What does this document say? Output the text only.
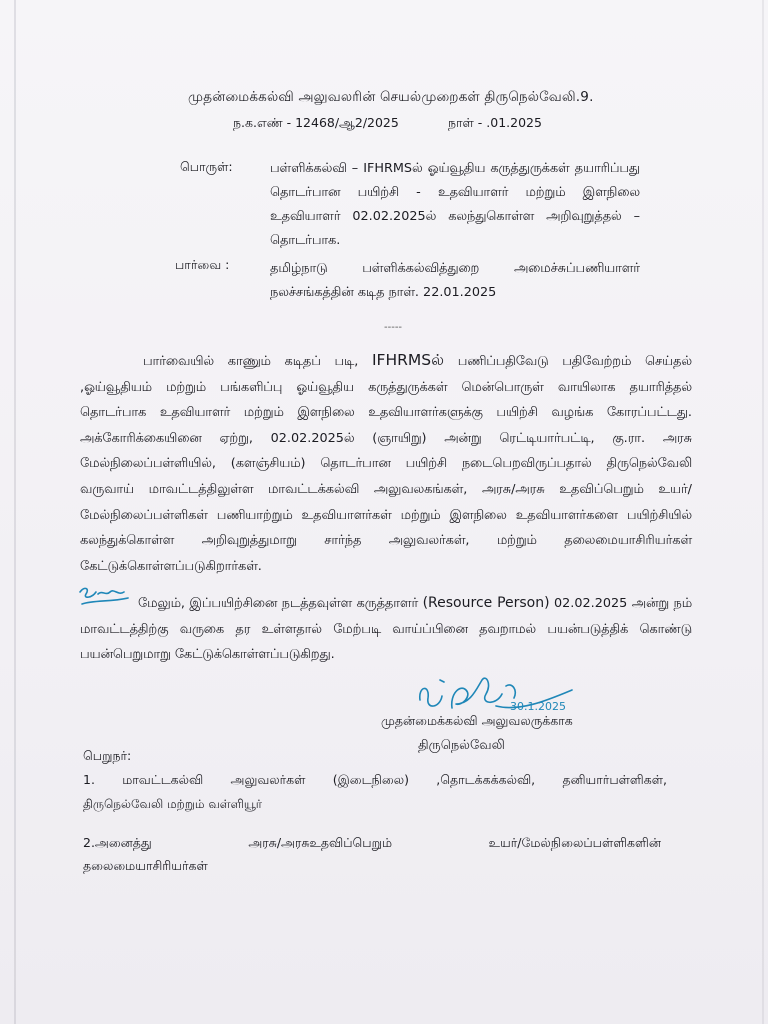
முதன்மைக்கல்வி அலுவலரின் செயல்முறைகள் திருநெல்வேலி.9.
ந.க.எண் - 12468/ஆ2/2025	நாள் - .01.2025
பொருள்:	பள்ளிக்கல்வி – IFHRMSல் ஓய்வூதிய கருத்துருக்கள் தயாரிப்பது தொடர்பான பயிற்சி - உதவியாளர் மற்றும் இளநிலை உதவியாளர் 02.02.2025ல் கலந்துகொள்ள அறிவுறுத்தல் – தொடர்பாக.
பார்வை :	தமிழ்நாடு பள்ளிக்கல்வித்துறை அமைச்சுப்பணியாளர் நலச்சங்கத்தின் கடித நாள். 22.01.2025
-----
பார்வையில் காணும் கடிதப் படி, IFHRMSல் பணிப்பதிவேடு பதிவேற்றம் செய்தல் ,ஓய்வூதியம் மற்றும் பங்களிப்பு ஓய்வூதிய கருத்துருக்கள் மென்பொருள் வாயிலாக தயாரித்தல் தொடர்பாக உதவியாளர் மற்றும் இளநிலை உதவியாளர்களுக்கு பயிற்சி வழங்க கோரப்பட்டது. அக்கோரிக்கையினை ஏற்று, 02.02.2025ல் (ஞாயிறு) அன்று ரெட்டியார்பட்டி, கு.ரா. அரசு மேல்நிலைப்பள்ளியில், (களஞ்சியம்) தொடர்பான பயிற்சி நடைபெறவிருப்பதால் திருநெல்வேலி வருவாய் மாவட்டத்திலுள்ள மாவட்டக்கல்வி அலுவலகங்கள், அரசு/அரசு உதவிப்பெறும் உயர்/மேல்நிலைப்பள்ளிகள் பணியாற்றும் உதவியாளர்கள் மற்றும் இளநிலை உதவியாளர்களை பயிற்சியில் கலந்துக்கொள்ள அறிவுறுத்துமாறு சார்ந்த அலுவலர்கள், மற்றும் தலைமையாசிரியர்கள் கேட்டுக்கொள்ளப்படுகிறார்கள்.
மேலும், இப்பயிற்சினை நடத்தவுள்ள கருத்தாளர் (Resource Person) 02.02.2025 அன்று நம் மாவட்டத்திற்கு வருகை தர உள்ளதால் மேற்படி வாய்ப்பினை தவறாமல் பயன்படுத்திக் கொண்டு பயன்பெறுமாறு கேட்டுக்கொள்ளப்படுகிறது.
30.1.2025
முதன்மைக்கல்வி அலுவலருக்காக
திருநெல்வேலி
பெறுநர்:
1. மாவட்டகல்வி அலுவலர்கள் (இடைநிலை) ,தொடக்கக்கல்வி, தனியார்பள்ளிகள்,
திருநெல்வேலி மற்றும் வள்ளியூர்
2.அனைத்து	அரசு/அரசுஉதவிப்பெறும்	உயர்/மேல்நிலைப்பள்ளிகளின்
தலைமையாசிரியர்கள்
